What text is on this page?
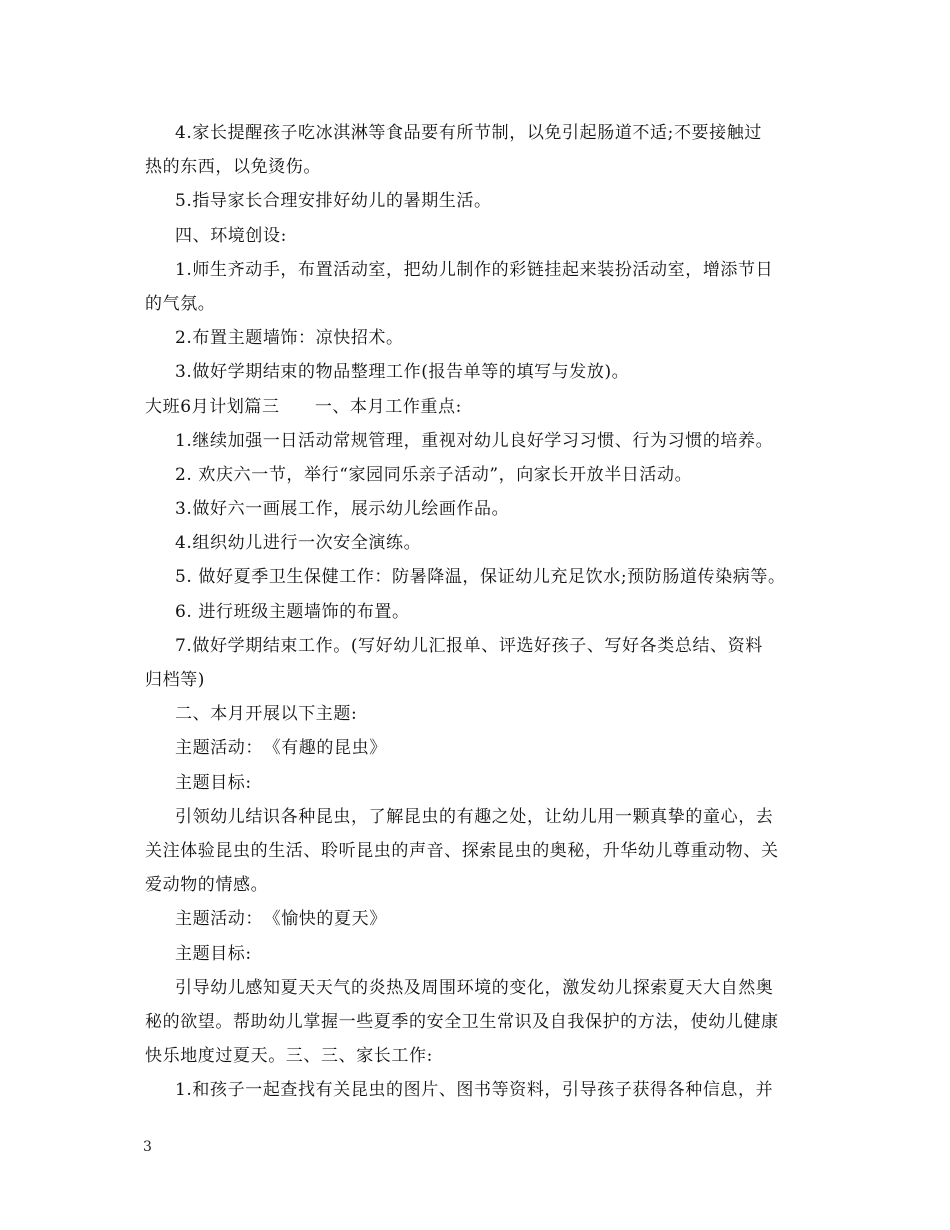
4.家长提醒孩子吃冰淇淋等食品要有所节制，以免引起肠道不适;不要接触过
热的东西，以免烫伤。
5.指导家长合理安排好幼儿的暑期生活。
四、环境创设:
1.师生齐动手，布置活动室，把幼儿制作的彩链挂起来装扮活动室，增添节日
的气氛。
2.布置主题墙饰：凉快招术。
3.做好学期结束的物品整理工作(报告单等的填写与发放)。
大班6月计划篇三　　一、本月工作重点:
1.继续加强一日活动常规管理，重视对幼儿良好学习习惯、行为习惯的培养。
2. 欢庆六一节，举行“家园同乐亲子活动”，向家长开放半日活动。
3.做好六一画展工作，展示幼儿绘画作品。
4.组织幼儿进行一次安全演练。
5. 做好夏季卫生保健工作：防暑降温，保证幼儿充足饮水;预防肠道传染病等。
6. 进行班级主题墙饰的布置。
7.做好学期结束工作。(写好幼儿汇报单、评选好孩子、写好各类总结、资料
归档等)
二、本月开展以下主题:
主题活动：　《有趣的昆虫》
主题目标:
引领幼儿结识各种昆虫，了解昆虫的有趣之处，让幼儿用一颗真挚的童心，去
关注体验昆虫的生活、聆听昆虫的声音、探索昆虫的奥秘，升华幼儿尊重动物、关
爱动物的情感。
主题活动：　《愉快的夏天》
主题目标:
引导幼儿感知夏天天气的炎热及周围环境的变化，激发幼儿探索夏天大自然奥
秘的欲望。帮助幼儿掌握一些夏季的安全卫生常识及自我保护的方法，使幼儿健康
快乐地度过夏天。三、三、家长工作:
1.和孩子一起查找有关昆虫的图片、图书等资料，引导孩子获得各种信息，并
3
